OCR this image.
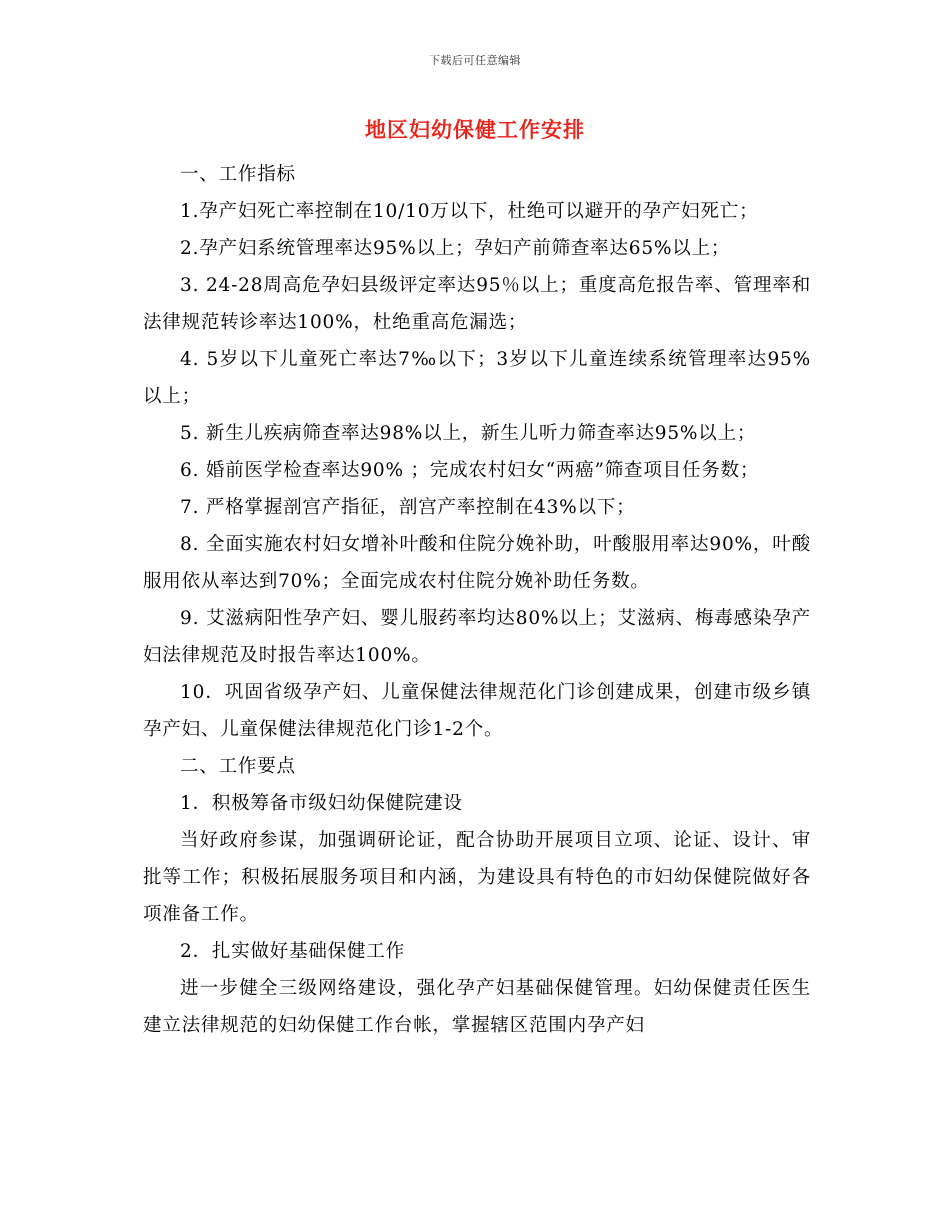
下载后可任意编辑
地区妇幼保健工作安排

一、工作指标

1.孕产妇死亡率控制在10/10万以下，杜绝可以避开的孕产妇死亡；

2.孕产妇系统管理率达95%以上；孕妇产前筛查率达65%以上；

3. 24-28周高危孕妇县级评定率达95％以上；重度高危报告率、管理率和法律规范转诊率达100%，杜绝重高危漏选；

4. 5岁以下儿童死亡率达7‰以下；3岁以下儿童连续系统管理率达95%以上；

5. 新生儿疾病筛查率达98%以上，新生儿听力筛查率达95%以上；

6. 婚前医学检查率达90% ；完成农村妇女“两癌”筛查项目任务数；

7. 严格掌握剖宫产指征，剖宫产率控制在43%以下；

8. 全面实施农村妇女增补叶酸和住院分娩补助，叶酸服用率达90%，叶酸服用依从率达到70%；全面完成农村住院分娩补助任务数。

9. 艾滋病阳性孕产妇、婴儿服药率均达80%以上；艾滋病、梅毒感染孕产妇法律规范及时报告率达100%。

10．巩固省级孕产妇、儿童保健法律规范化门诊创建成果，创建市级乡镇孕产妇、儿童保健法律规范化门诊1-2个。

二、工作要点

1．积极筹备市级妇幼保健院建设

当好政府参谋，加强调研论证，配合协助开展项目立项、论证、设计、审批等工作；积极拓展服务项目和内涵，为建设具有特色的市妇幼保健院做好各项准备工作。

2．扎实做好基础保健工作

进一步健全三级网络建设，强化孕产妇基础保健管理。妇幼保健责任医生建立法律规范的妇幼保健工作台帐，掌握辖区范围内孕产妇
